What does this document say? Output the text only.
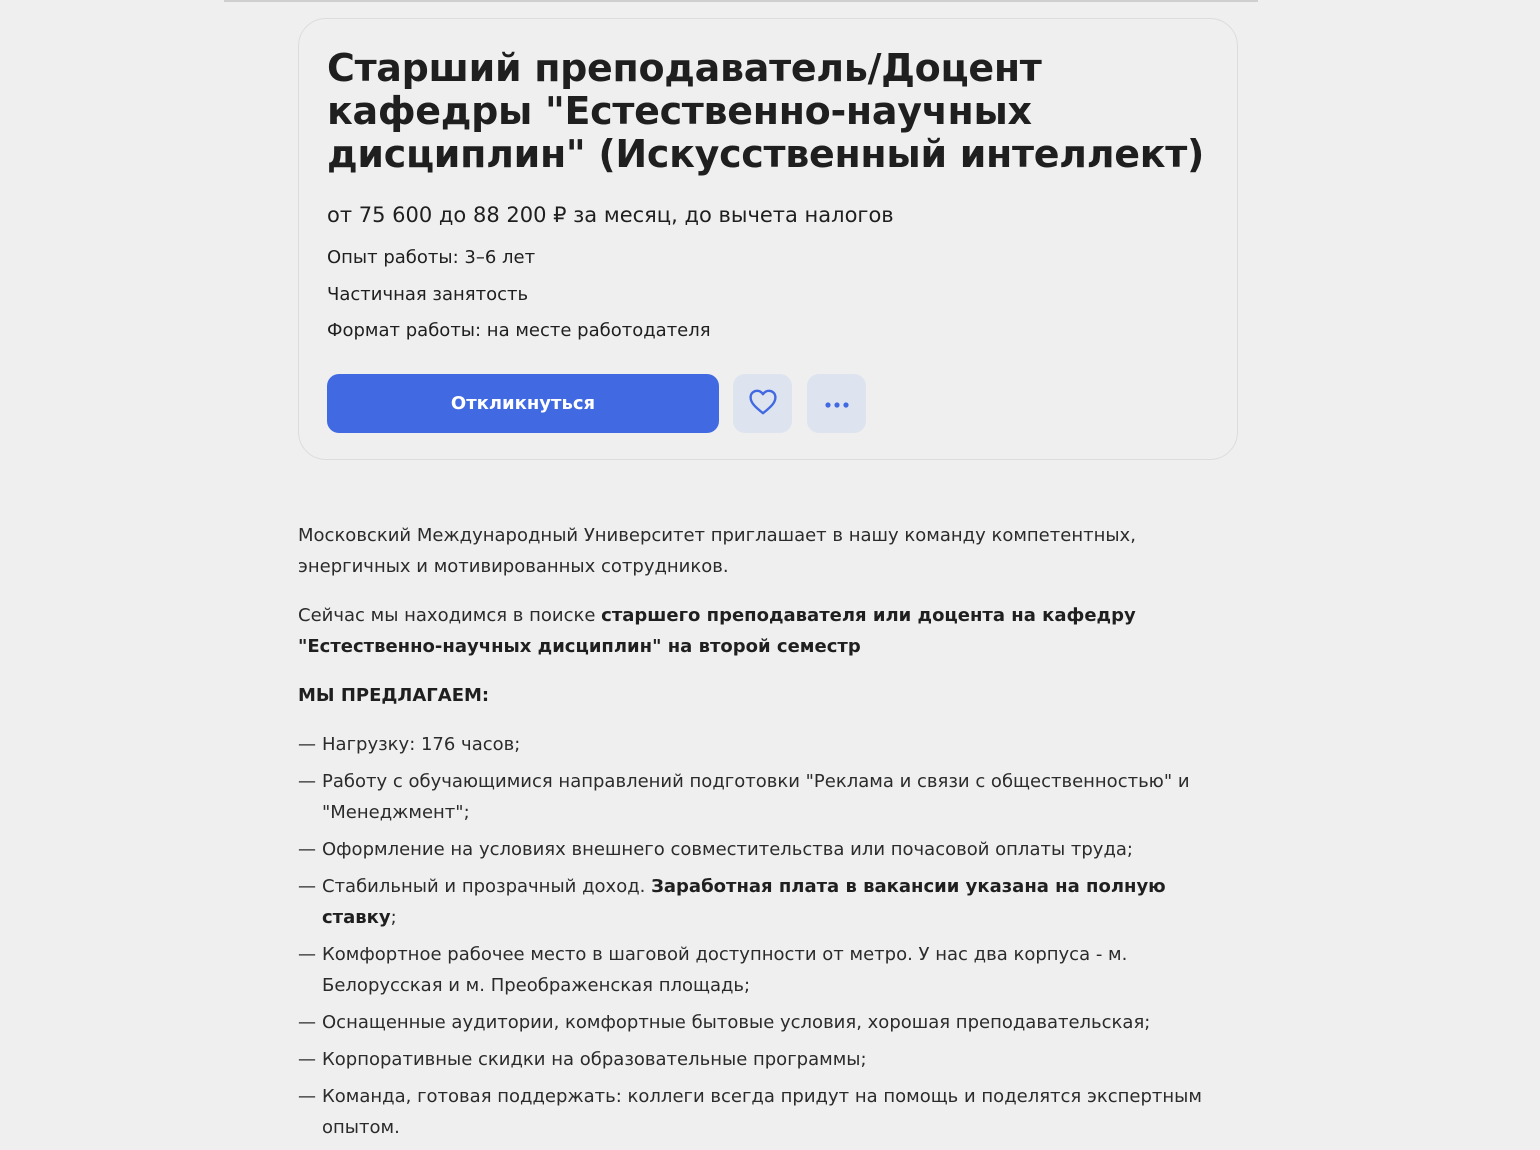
Старший преподаватель/Доцент кафедры "Естественно-научных дисциплин" (Искусственный интеллект)
от 75 600 до 88 200 ₽ за месяц, до вычета налогов
Опыт работы: 3–6 лет
Частичная занятость
Формат работы: на месте работодателя
Откликнуться

Московский Международный Университет приглашает в нашу команду компетентных, энергичных и мотивированных сотрудников.

Сейчас мы находимся в поиске старшего преподавателя или доцента на кафедру "Естественно-научных дисциплин" на второй семестр

МЫ ПРЕДЛАГАЕМ:
— Нагрузку: 176 часов;
— Работу с обучающимися направлений подготовки "Реклама и связи с общественностью" и "Менеджмент";
— Оформление на условиях внешнего совместительства или почасовой оплаты труда;
— Стабильный и прозрачный доход. Заработная плата в вакансии указана на полную ставку;
— Комфортное рабочее место в шаговой доступности от метро. У нас два корпуса - м. Белорусская и м. Преображенская площадь;
— Оснащенные аудитории, комфортные бытовые условия, хорошая преподавательская;
— Корпоративные скидки на образовательные программы;
— Команда, готовая поддержать: коллеги всегда придут на помощь и поделятся экспертным опытом.
